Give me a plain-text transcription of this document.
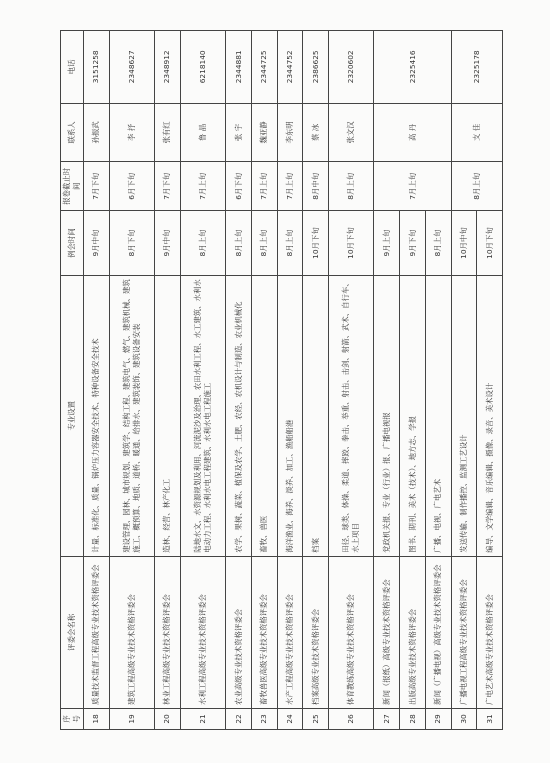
序号	评委会名称	专业设置	例会时间	报卷截止时间	联系人	电话
18	质量技术监督工程高级专业技术资格评委会	计量、标准化、质量、锅炉压力容器安全技术、特种设备安全技术	9月中旬	7月下旬	孙振武	3151258
19	建筑工程高级专业技术资格评委会	建设管理、园林、城市规划、建筑学、结构工程、建筑电气、燃气、建筑机械、建筑施工、概预算、地质、道桥、暖通、给排水、建筑装饰、建筑设备安装	8月下旬	6月下旬	李 抒	2348627
20	林业工程高级专业技术资格评委会	造林、经营、林产化工	9月中旬	7月下旬	张有红	2348912
21	水利工程高级专业技术资格评委会	陆地水文、水资源规划及利用、河流泥沙及治理、农田水利工程、水工建筑、水利水电动力工程、水利水电工程建筑、水利水电工程施工	8月上旬	7月上旬	鲁 晶	6218140
22	农业高级专业技术资格评委会	农学、果树、蔬菜、植保及农学、土肥、农经、农机设计与制造、农业机械化	8月上旬	6月下旬	张 宇	2344881
23	畜牧兽医高级专业技术资格评委会	畜牧、兽医	8月上旬	7月上旬	魏亚静	2344725
24	水产工程高级专业技术资格评委会	海洋渔业、海养、淡养、加工、渔船船港	8月上旬	7月上旬	李东明	2344752
25	档案高级专业技术资格评委会	档案	10月下旬	8月中旬	蔡 冰	2386625
26	体育教练高级专业技术资格评委会	田径、球类、体操、柔道、摔跤、拳击、举重、射击、击剑、射箭、武术、自行车、水上项目	10月下旬	8月上旬	张文汉	2320602
27	新闻（报纸）高级专业技术资格评委会	党政机关报、专业（行业）报、广播电视报	9月上旬	7月上旬	高 丹	2325416
28	出版高级专业技术资格评委会	图书、期刊、美术（技术）、地方志、学报	9月下旬			
29	新闻（广播电视）高级专业技术资格评委会	广播、电视、广电艺术	8月上旬			
30	广播电视工程高级专业技术资格评委会	发送传输、制作播控、监测工艺设计	10月中旬	8月上旬	支 佳	2325178
31	广电艺术高级专业技术资格评委会	编导、文学编辑、音乐编辑、摄像、录音、美术设计	10月下旬			
